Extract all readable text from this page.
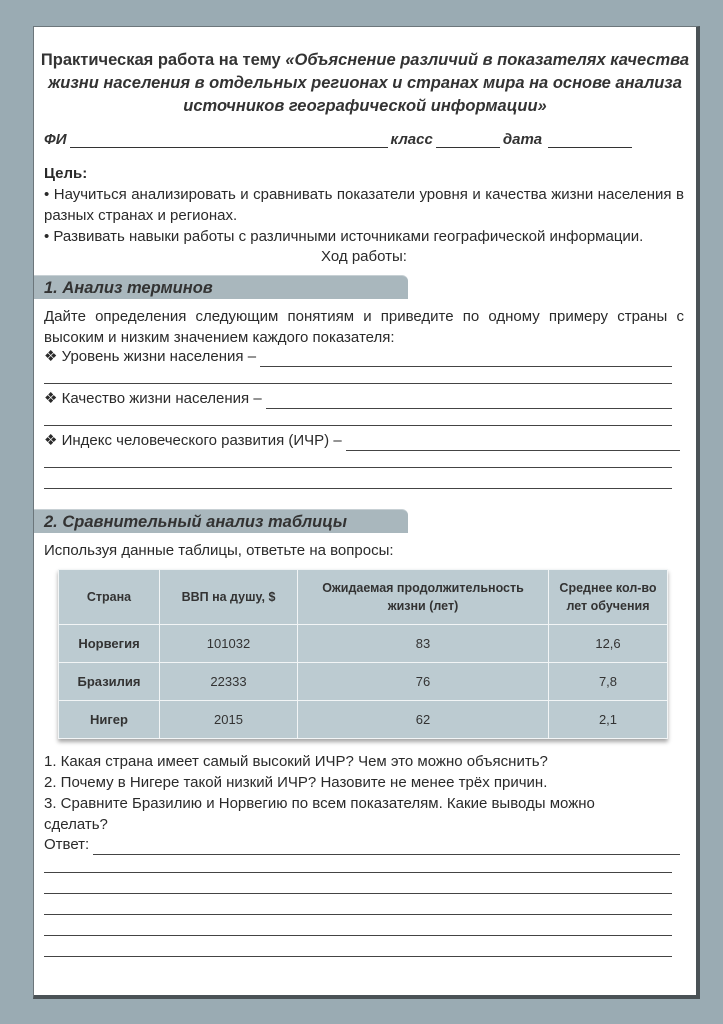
Практическая работа на тему «Объяснение различий в показателях качества жизни населения в отдельных регионах и странах мира на основе анализа источников географической информации»
ФИ	класс	дата
Цель:
• Научиться анализировать и сравнивать показатели уровня и качества жизни населения в разных странах и регионах.
• Развивать навыки работы с различными источниками географической информации.
Ход работы:
1. Анализ терминов
Дайте определения следующим понятиям и приведите по одному примеру страны с высоким и низким значением каждого показателя:
❖ Уровень жизни населения –
❖ Качество жизни населения –
❖ Индекс человеческого развития (ИЧР) –
2. Сравнительный анализ таблицы
Используя данные таблицы, ответьте на вопросы:
Страна	ВВП на душу, $	Ожидаемая продолжительность жизни (лет)	Среднее кол-во лет обучения
Норвегия	101032	83	12,6
Бразилия	22333	76	7,8
Нигер	2015	62	2,1
1. Какая страна имеет самый высокий ИЧР? Чем это можно объяснить?
2. Почему в Нигере такой низкий ИЧР? Назовите не менее трёх причин.
3. Сравните Бразилию и Норвегию по всем показателям. Какие выводы можно сделать?
Ответ:
